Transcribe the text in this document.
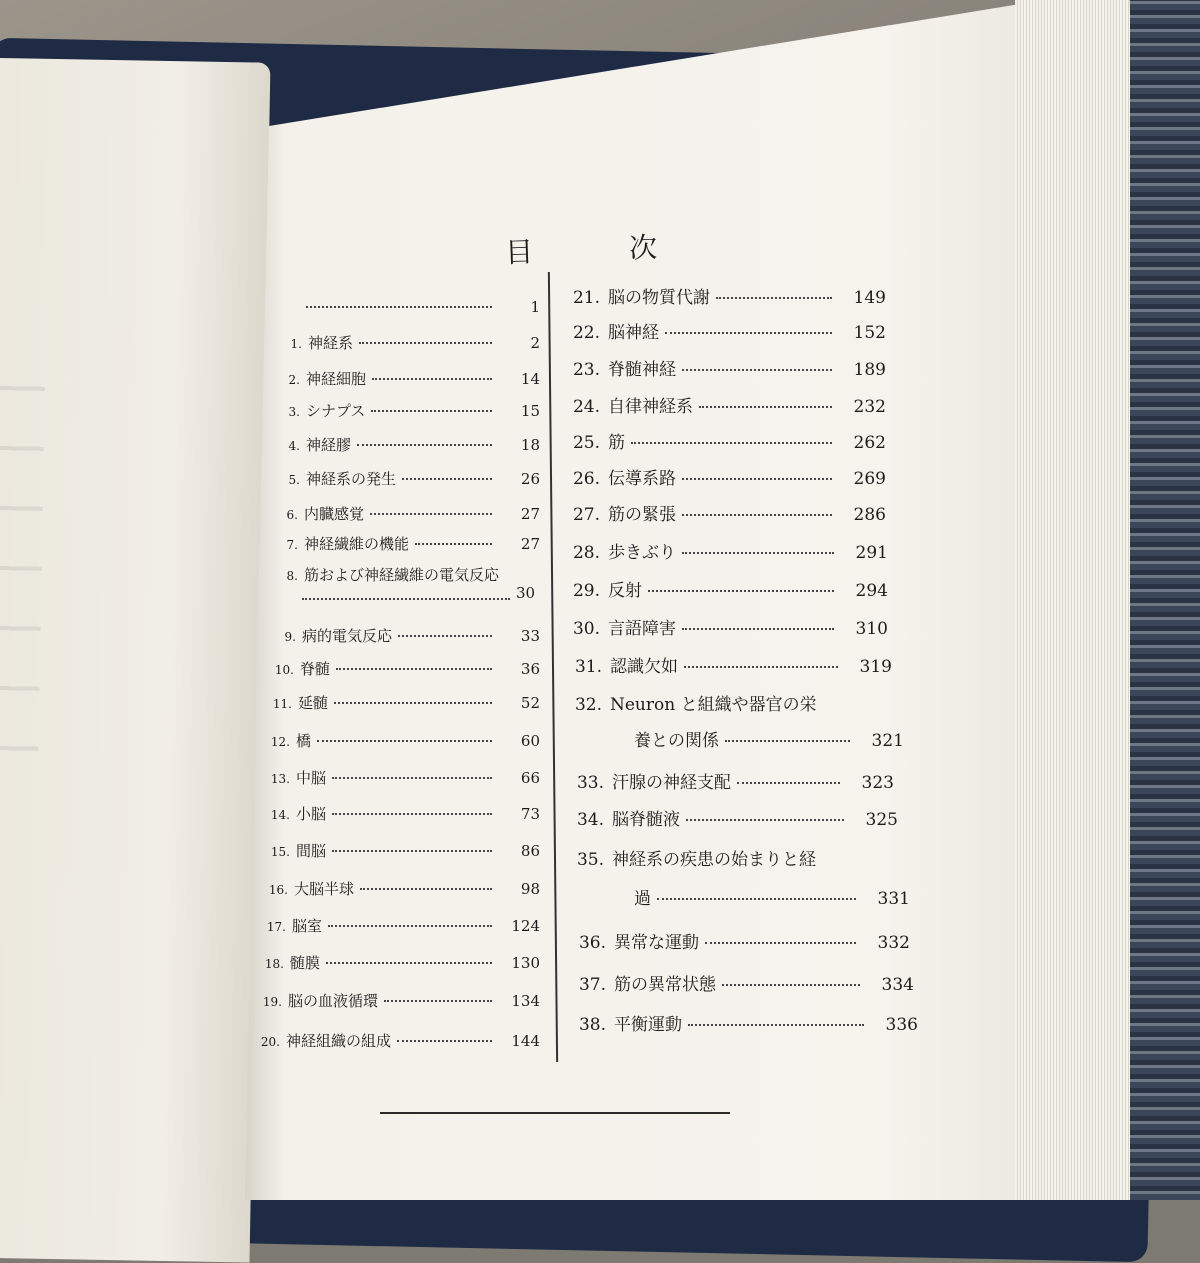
目　次
1
1. 神経系	2
2. 神経細胞	14
3. シナプス	15
4. 神経膠	18
5. 神経系の発生	26
6. 内臓感覚	27
7. 神経繊維の機能	27
8. 筋および神経繊維の電気反応
30
9. 病的電気反応	33
10. 脊髄	36
11. 延髄	52
12. 橋	60
13. 中脳	66
14. 小脳	73
15. 間脳	86
16. 大脳半球	98
17. 脳室	124
18. 髄膜	130
19. 脳の血液循環	134
20. 神経組織の組成	144
21. 脳の物質代謝	149
22. 脳神経	152
23. 脊髄神経	189
24. 自律神経系	232
25. 筋	262
26. 伝導系路	269
27. 筋の緊張	286
28. 歩きぶり	291
29. 反射	294
30. 言語障害	310
31. 認識欠如	319
32. Neuron と組織や器官の栄
養との関係	321
33. 汗腺の神経支配	323
34. 脳脊髄液	325
35. 神経系の疾患の始まりと経
過	331
36. 異常な運動	332
37. 筋の異常状態	334
38. 平衡運動	336
